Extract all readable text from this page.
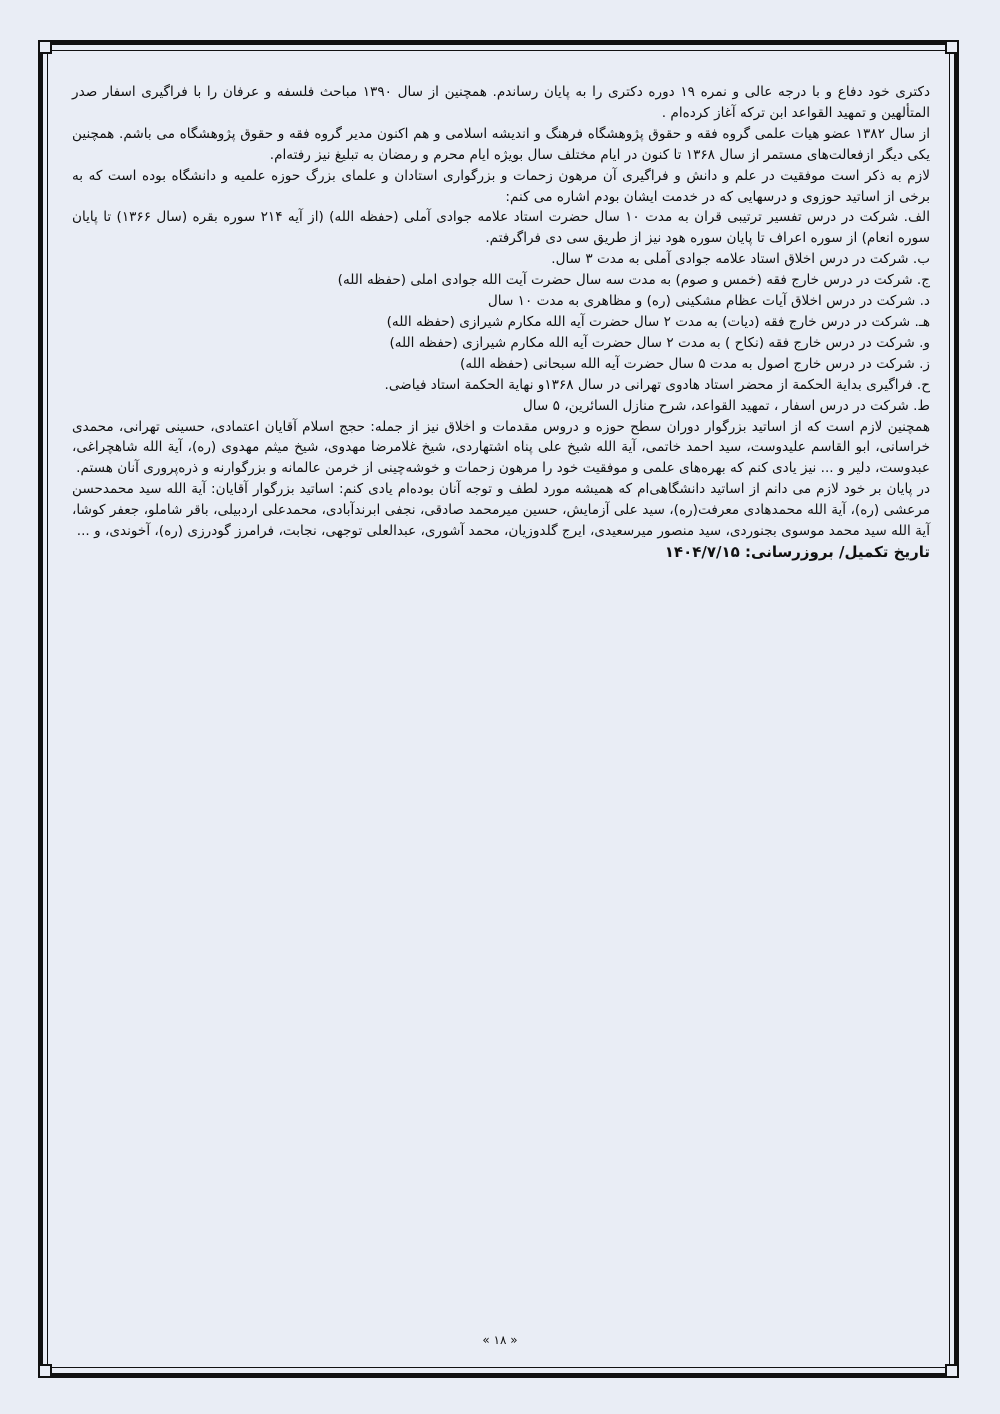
دکتری خود دفاع و با درجه عالی و نمره ۱۹ دوره دکتری را به پایان رساندم. همچنین از سال ۱۳۹۰ مباحث فلسفه و عرفان را با فراگیری اسفار صدر المتألهین و تمهید القواعد ابن ترکه آغاز کرده‌ام .

از سال ۱۳۸۲ عضو هیات علمی گروه فقه و حقوق پژوهشگاه فرهنگ و اندیشه اسلامی و هم اکنون مدیر گروه فقه و حقوق پژوهشگاه می باشم. همچنین یکی دیگر ازفعالت‌های مستمر از سال ۱۳۶۸ تا کنون در ایام مختلف سال بویژه ایام محرم و رمضان به تبلیغ نیز رفته‌ام.

لازم به ذکر است موفقیت در علم و دانش و فراگیری آن مرهون زحمات و بزرگواری استادان و علمای بزرگ حوزه علمیه و دانشگاه بوده است که به برخی از اساتید حوزوی و درسهایی که در خدمت ایشان بودم اشاره می کنم:

الف. شرکت در درس تفسیر ترتیبی قران به مدت ۱۰ سال حضرت استاد علامه جوادی آملی (حفظه الله) (از آیه ۲۱۴ سوره بقره (سال ۱۳۶۶) تا پایان سوره انعام) از سوره اعراف تا پایان سوره هود نیز از طریق سی دی فراگرفتم.

ب. شرکت در درس اخلاق استاد علامه جوادی آملی به مدت ۳ سال.

ج. شرکت در درس خارج فقه (خمس و صوم) به مدت سه سال حضرت آیت الله جوادی املی (حفظه الله)

د. شرکت در درس اخلاق آیات عظام مشکینی (ره) و مظاهری به مدت ۱۰ سال

هـ. شرکت در درس خارج فقه (دیات) به مدت ۲ سال حضرت آیه الله مکارم شیرازی (حفظه الله)

و. شرکت در درس خارج فقه (نکاح ) به مدت ۲ سال حضرت آیه الله مکارم شیرازی (حفظه الله)

ز. شرکت در درس خارج اصول به مدت ۵ سال حضرت آیه الله سبحانی (حفظه الله)

ح. فراگیری بدایة الحکمة از محضر استاد هادوی تهرانی در سال ۱۳۶۸و نهایة الحکمة استاد فیاضی.

ط. شرکت در درس اسفار ، تمهید القواعد، شرح منازل السائرین، ۵ سال

همچنین لازم است که از اساتید بزرگوار دوران سطح حوزه و دروس مقدمات و اخلاق نیز از جمله: حجج اسلام آقایان اعتمادی، حسینی تهرانی، محمدی خراسانی، ابو القاسم علیدوست، سید احمد خاتمی، آیة الله شیخ علی پناه اشتهاردی، شیخ غلامرضا مهدوی، شیخ میثم مهدوی (ره)، آیة الله شاهچراغی، عبدوست، دلیر و ... نیز یادی کنم که بهره‌های علمی و موفقیت خود را مرهون زحمات و خوشه‌چینی از خرمن عالمانه و بزرگوارنه و ذره‌پروری آنان هستم.

در پایان بر خود لازم می دانم از اساتید دانشگاهی‌ام که همیشه مورد لطف و توجه آنان بوده‌ام یادی کنم: اساتید بزرگوار آقایان: آیة الله سید محمدحسن مرعشی (ره)، آیة الله محمدهادی معرفت(ره)، سید علی آزمایش، حسین میرمحمد صادقی، نجفی ابرندآبادی، محمدعلی اردبیلی، باقر شاملو، جعفر کوشا، آیة الله سید محمد موسوی بجنوردی، سید منصور میرسعیدی، ایرج گلدوزیان، محمد آشوری، عبدالعلی توجهی، نجابت، فرامرز گودرزی (ره)، آخوندی، و ...

تاریخ تکمیل/ بروزرسانی: ۱۴۰۴/۷/۱۵

« ۱۸ »
